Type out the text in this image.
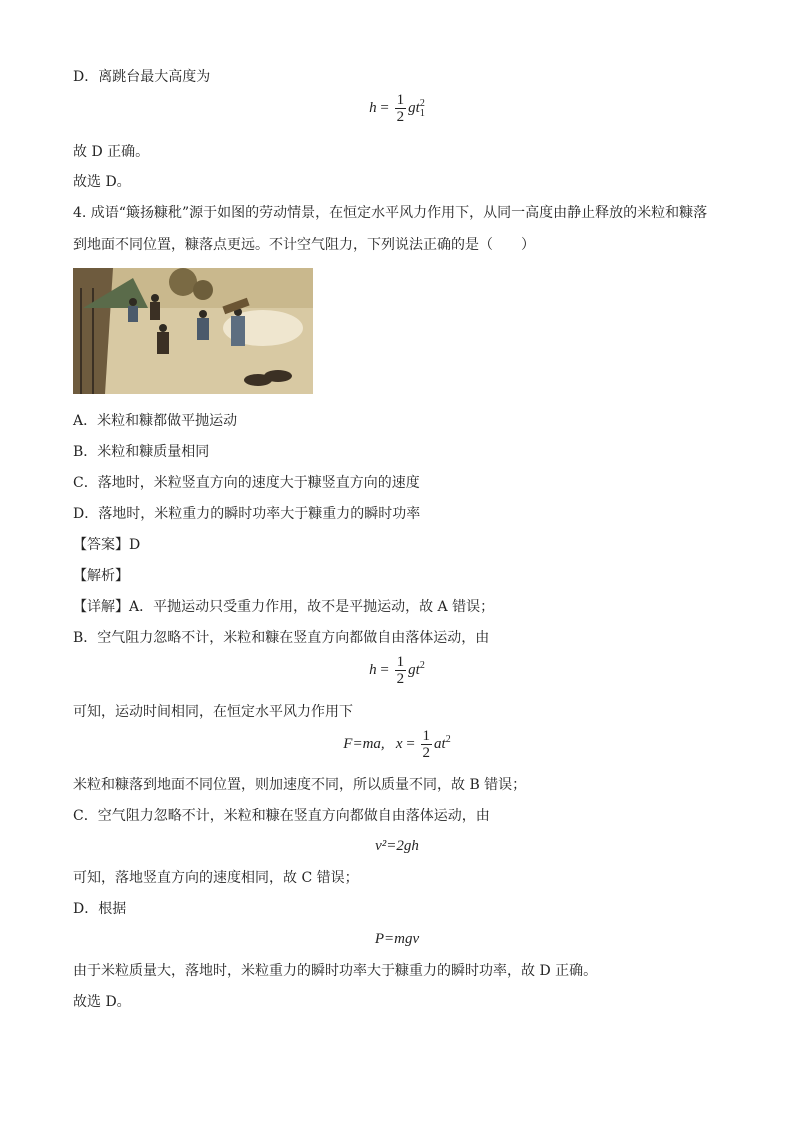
D．离跳台最大高度为
$h = \frac{1}{2}$ gt 2
1
故 D 正确。
故选 D。
4. 成语“簸扬糠秕”源于如图的劳动情景，在恒定水平风力作用下，从同一高度由静止释放的米粒和糠落
到地面不同位置，糠落点更远。不计空气阻力，下列说法正确的是（　　）
A．米粒和糠都做平抛运动
B．米粒和糠质量相同
C．落地时，米粒竖直方向的速度大于糠竖直方向的速度
D．落地时，米粒重力的瞬时功率大于糠重力的瞬时功率
【答案】D
【解析】
【详解】A．平抛运动只受重力作用，故不是平抛运动，故 A 错误；
B．空气阻力忽略不计，米粒和糠在竖直方向都做自由落体运动，由
$h = \frac{1}{2} gt^2$
可知，运动时间相同，在恒定水平风力作用下
F=ma, $x = \frac{1}{2} at^2$
米粒和糠落到地面不同位置，则加速度不同，所以质量不同，故 B 错误；
C．空气阻力忽略不计，米粒和糠在竖直方向都做自由落体运动，由
v²=2gh
可知，落地竖直方向的速度相同，故 C 错误；
D．根据
P=mgv
由于米粒质量大，落地时，米粒重力的瞬时功率大于糠重力的瞬时功率，故 D 正确。
故选 D。
